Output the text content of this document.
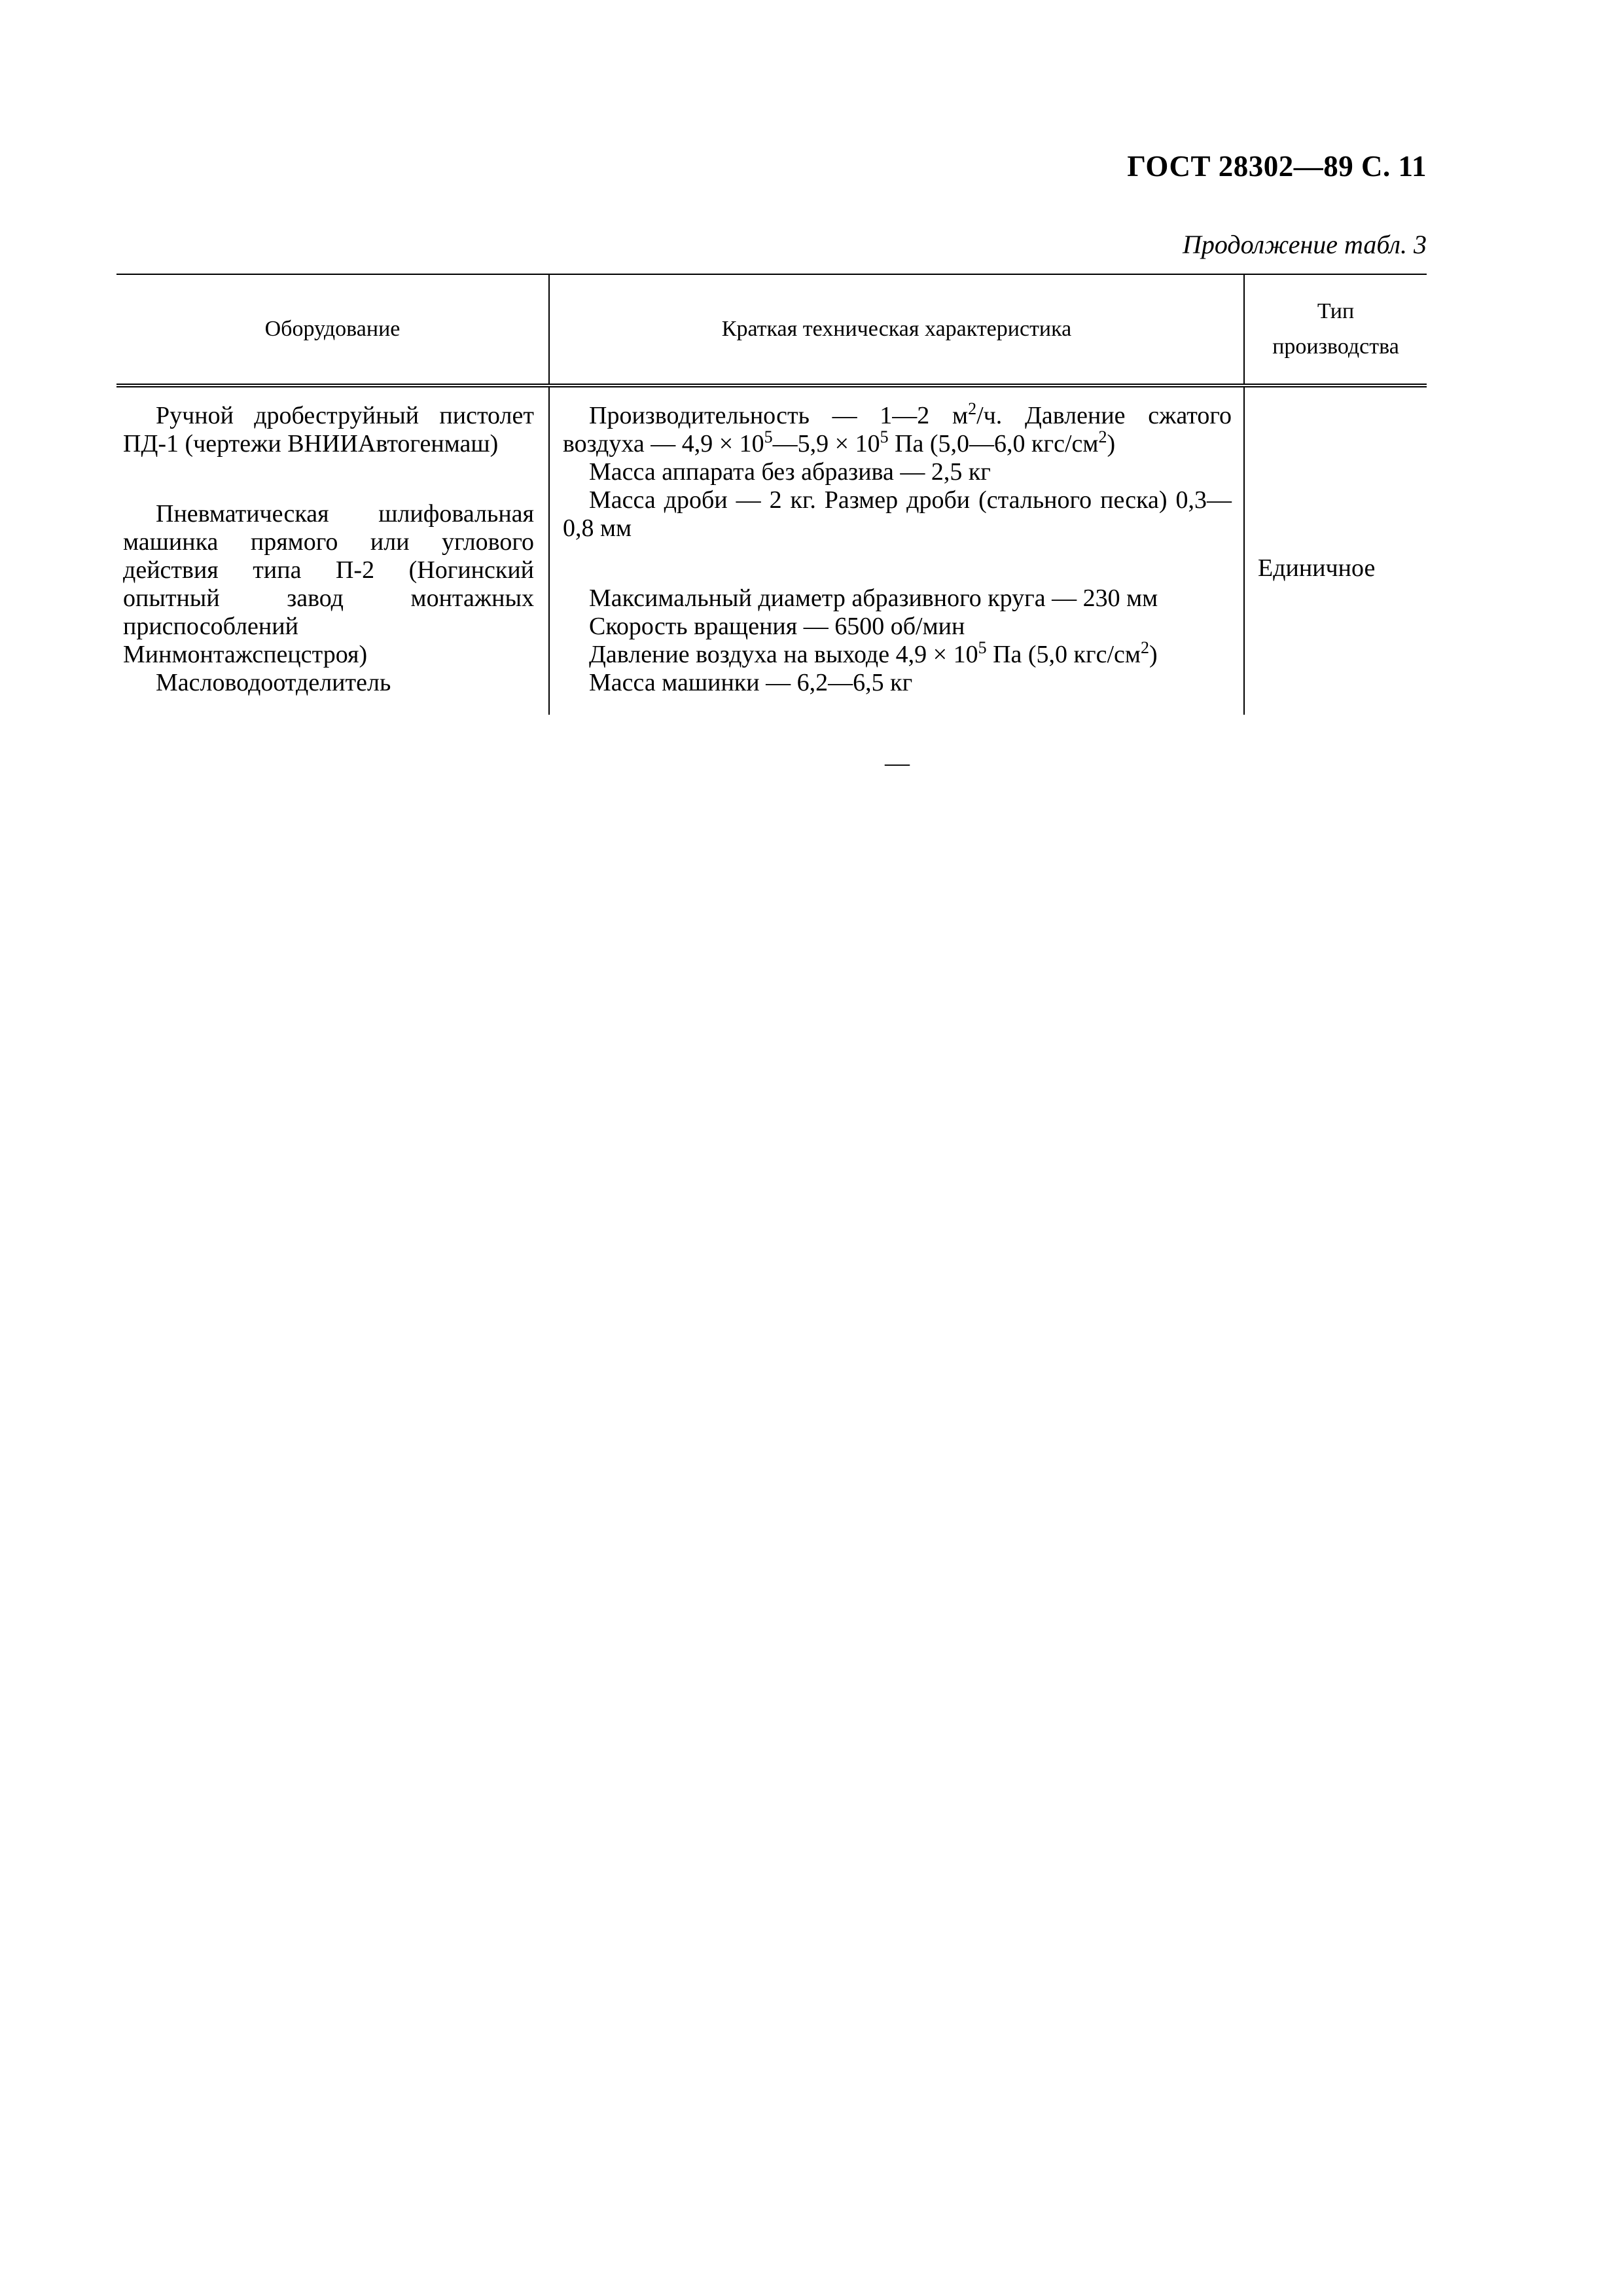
ГОСТ 28302—89 С. 11
Продолжение табл. 3
Оборудование	Краткая техническая характеристика
Тип
производства
Ручной дробеструйный пистолет ПД-1 (чертежи ВНИИАвтогенмаш)
Пневматическая шлифовальная машинка прямого или углового действия типа П-2 (Ногинский опытный завод монтажных приспособлений Минмонтажспецстроя)
Масловодоотделитель
Производительность — 1—2 $м^2/ч$. Давление сжатого воздуха — $4,9 \times 10^5—5,9 \times 10^5$ Па (5,0—6,0 кгс/$см^2$)
Масса аппарата без абразива — 2,5 кг
Масса дроби — 2 кг. Размер дроби (стального песка) 0,3—0,8 мм
Максимальный диаметр абразивного круга — 230 мм
Скорость вращения — 6500 об/мин
Давление воздуха на выходе $4,9 \times 10^5$ Па (5,0 кгс/$см^2$)
Масса машинки — 6,2—6,5 кг
—
Единичное
